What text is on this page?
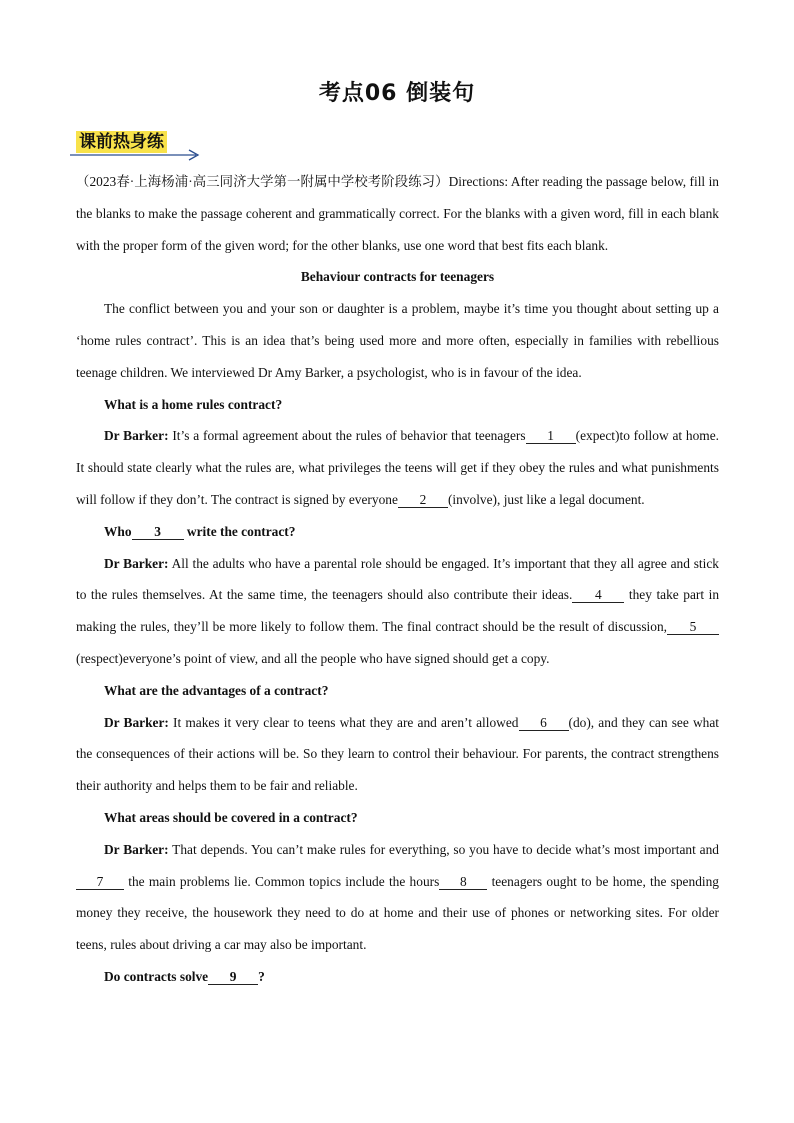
考点06 倒装句
课前热身练

（2023春·上海杨浦·高三同济大学第一附属中学校考阶段练习）Directions: After reading the passage below, fill in the blanks to make the passage coherent and grammatically correct. For the blanks with a given word, fill in each blank with the proper form of the given word; for the other blanks, use one word that best fits each blank.

Behaviour contracts for teenagers

The conflict between you and your son or daughter is a problem, maybe it’s time you thought about setting up a ‘home rules contract’. This is an idea that’s being used more and more often, especially in families with rebellious teenage children. We interviewed Dr Amy Barker, a psychologist, who is in favour of the idea.

What is a home rules contract?

Dr Barker: It’s a formal agreement about the rules of behavior that teenagers 1 (expect)to follow at home. It should state clearly what the rules are, what privileges the teens will get if they obey the rules and what punishments will follow if they don’t. The contract is signed by everyone 2 (involve), just like a legal document.

Who 3 write the contract?

Dr Barker: All the adults who have a parental role should be engaged. It’s important that they all agree and stick to the rules themselves. At the same time, the teenagers should also contribute their ideas. 4 they take part in making the rules, they’ll be more likely to follow them. The final contract should be the result of discussion, 5(respect)everyone’s point of view, and all the people who have signed should get a copy.

What are the advantages of a contract?

Dr Barker: It makes it very clear to teens what they are and aren’t allowed 6 (do), and they can see what the consequences of their actions will be. So they learn to control their behaviour. For parents, the contract strengthens their authority and helps them to be fair and reliable.

What areas should be covered in a contract?

Dr Barker: That depends. You can’t make rules for everything, so you have to decide what’s most important and7 the main problems lie. Common topics include the hours 8 teenagers ought to be home, the spending money they receive, the housework they need to do at home and their use of phones or networking sites. For older teens, rules about driving a car may also be important.

Do contracts solve 9 ?
